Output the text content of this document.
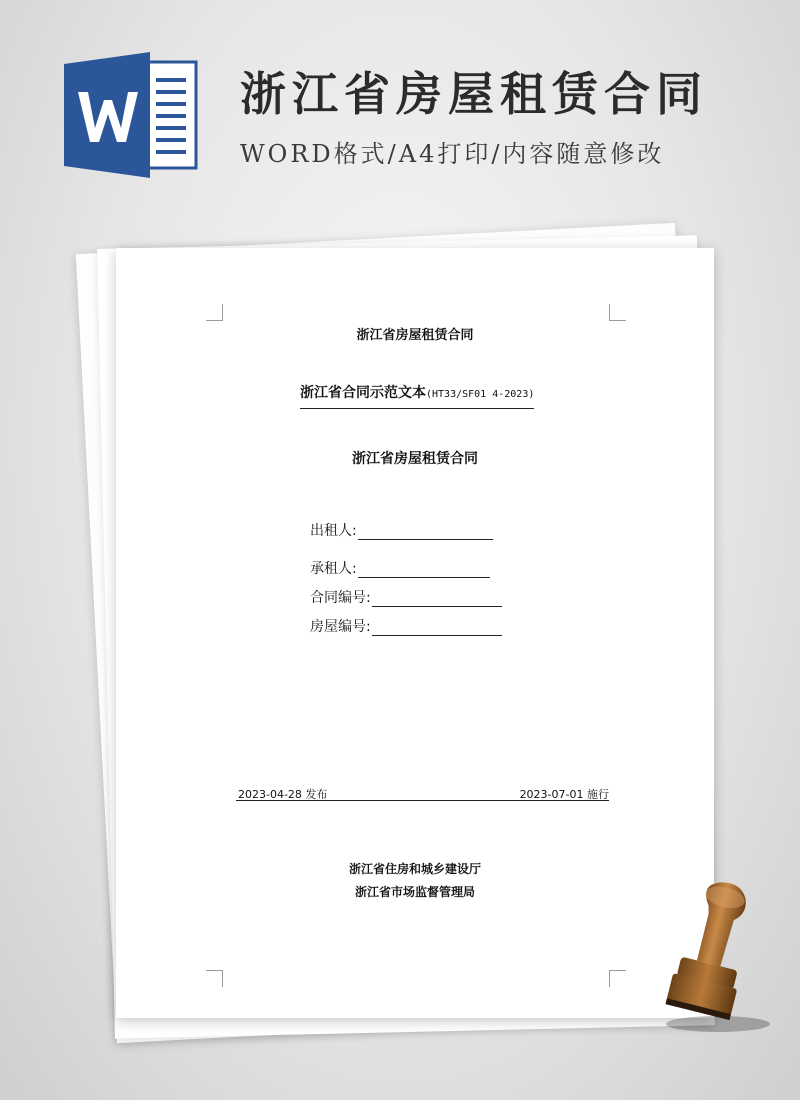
浙江省房屋租赁合同
WORD格式/A4打印/内容随意修改
浙江省房屋租赁合同
浙江省合同示范文本(HT33/SF01 4-2023)
浙江省房屋租赁合同
出租人:
承租人:
合同编号:
房屋编号:
2023-04-28 发布	2023-07-01 施行
浙江省住房和城乡建设厅
浙江省市场监督管理局
